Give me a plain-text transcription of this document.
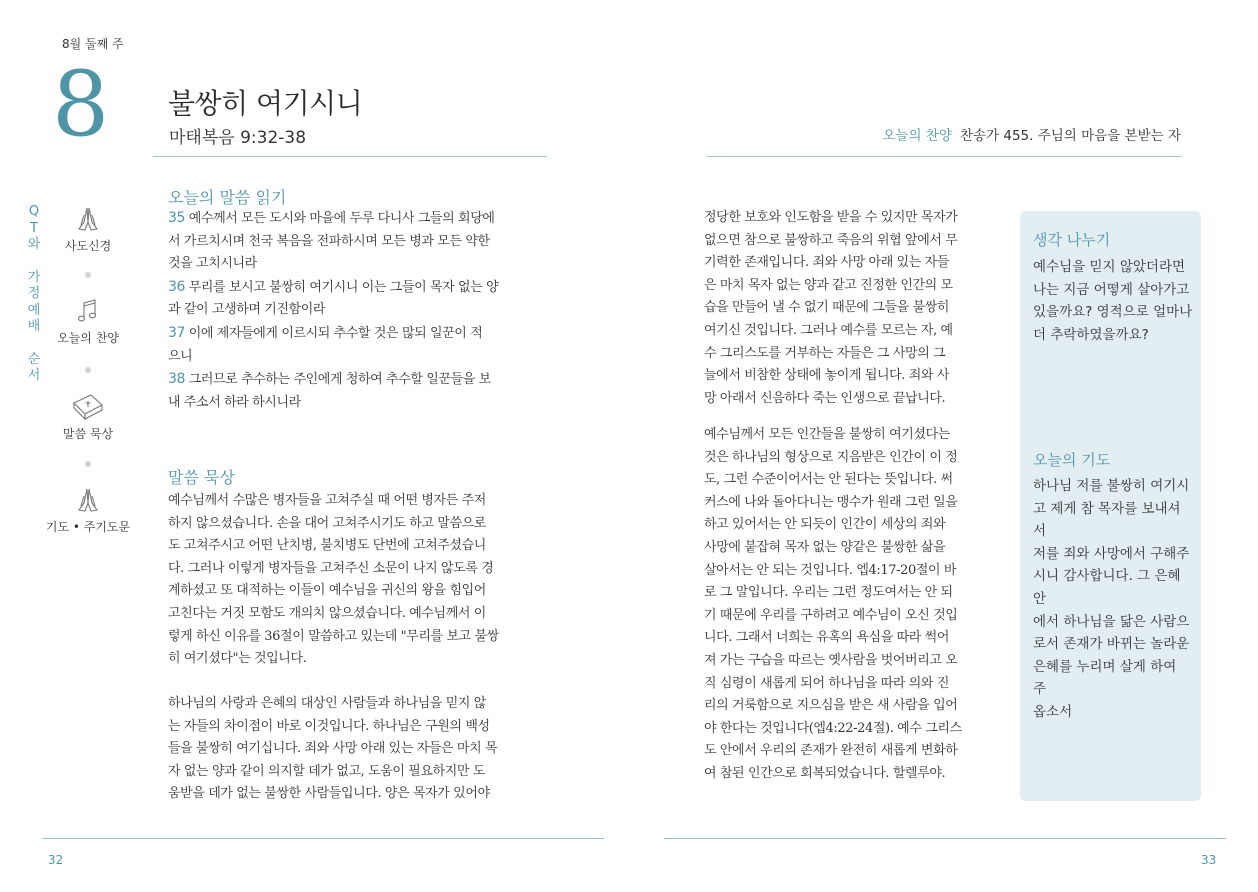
8월 둘째 주
8 불쌍히 여기시니
마태복음 9:32-38
Q
T
와
가
정
예
배
순
서
사도신경
오늘의 찬양
말씀 묵상
기도 • 주기도문
오늘의 말씀 읽기
35 예수께서 모든 도시와 마을에 두루 다니사 그들의 회당에
서 가르치시며 천국 복음을 전파하시며 모든 병과 모든 약한
것을 고치시니라
36 무리를 보시고 불쌍히 여기시니 이는 그들이 목자 없는 양
과 같이 고생하며 기진함이라
37 이에 제자들에게 이르시되 추수할 것은 많되 일꾼이 적
으니
38 그러므로 추수하는 주인에게 청하여 추수할 일꾼들을 보
내 주소서 하라 하시니라
말씀 묵상
예수님께서 수많은 병자들을 고쳐주실 때 어떤 병자든 주저
하지 않으셨습니다. 손을 대어 고쳐주시기도 하고 말씀으로
도 고쳐주시고 어떤 난치병, 불치병도 단번에 고쳐주셨습니
다. 그러나 이렇게 병자들을 고쳐주신 소문이 나지 않도록 경
계하셨고 또 대적하는 이들이 예수님을 귀신의 왕을 힘입어
고친다는 거짓 모함도 개의치 않으셨습니다. 예수님께서 이
렇게 하신 이유를 36절이 말씀하고 있는데 "무리를 보고 불쌍
히 여기셨다"는 것입니다.
하나님의 사랑과 은혜의 대상인 사람들과 하나님을 믿지 않
는 자들의 차이점이 바로 이것입니다. 하나님은 구원의 백성
들을 불쌍히 여기십니다. 죄와 사망 아래 있는 자들은 마치 목
자 없는 양과 같이 의지할 데가 없고, 도움이 필요하지만 도
움받을 데가 없는 불쌍한 사람들입니다. 양은 목자가 있어야
32
오늘의 찬양 찬송가 455. 주님의 마음을 본받는 자
정당한 보호와 인도함을 받을 수 있지만 목자가
없으면 참으로 불쌍하고 죽음의 위협 앞에서 무
기력한 존재입니다. 죄와 사망 아래 있는 자들
은 마치 목자 없는 양과 같고 진정한 인간의 모
습을 만들어 낼 수 없기 때문에 그들을 불쌍히
여기신 것입니다. 그러나 예수를 모르는 자, 예
수 그리스도를 거부하는 자들은 그 사망의 그
늘에서 비참한 상태에 놓이게 됩니다. 죄와 사
망 아래서 신음하다 죽는 인생으로 끝납니다.
예수님께서 모든 인간들을 불쌍히 여기셨다는
것은 하나님의 형상으로 지음받은 인간이 이 정
도, 그런 수준이어서는 안 된다는 뜻입니다. 써
커스에 나와 돌아다니는 맹수가 원래 그런 일을
하고 있어서는 안 되듯이 인간이 세상의 죄와
사망에 붙잡혀 목자 없는 양같은 불쌍한 삶을
살아서는 안 되는 것입니다. 엡4:17-20절이 바
로 그 말입니다. 우리는 그런 정도여서는 안 되
기 때문에 우리를 구하려고 예수님이 오신 것입
니다. 그래서 너희는 유혹의 욕심을 따라 썩어
져 가는 구습을 따르는 옛사람을 벗어버리고 오
직 심령이 새롭게 되어 하나님을 따라 의와 진
리의 거룩함으로 지으심을 받은 새 사람을 입어
야 한다는 것입니다(엡4:22-24절). 예수 그리스
도 안에서 우리의 존재가 완전히 새롭게 변화하
여 참된 인간으로 회복되었습니다. 할렐루야.
생각 나누기
예수님을 믿지 않았더라면
나는 지금 어떻게 살아가고
있을까요? 영적으로 얼마나
더 추락하였을까요?
오늘의 기도
하나님 저를 불쌍히 여기시
고 제게 참 목자를 보내셔서
저를 죄와 사망에서 구해주
시니 감사합니다. 그 은혜 안
에서 하나님을 닮은 사람으
로서 존재가 바뀌는 놀라운
은혜를 누리며 살게 하여 주
옵소서
33
